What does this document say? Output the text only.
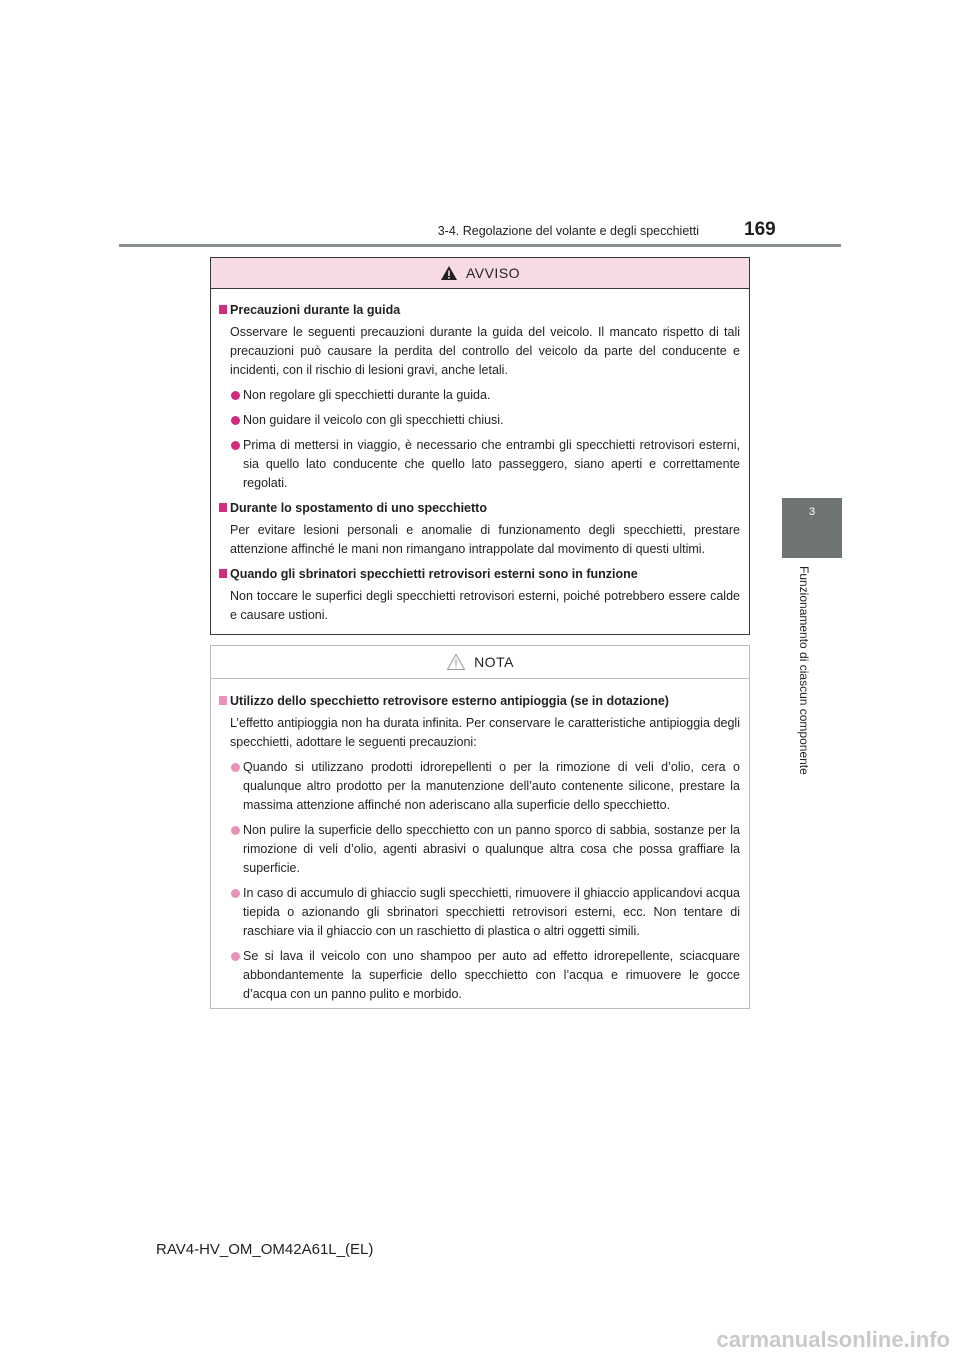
3-4. Regolazione del volante e degli specchietti 169
3
Funzionamento di ciascun componente
AVVISO
Precauzioni durante la guida
Osservare le seguenti precauzioni durante la guida del veicolo. Il mancato rispetto di tali precauzioni può causare la perdita del controllo del veicolo da parte del conducente e incidenti, con il rischio di lesioni gravi, anche letali.
Non regolare gli specchietti durante la guida.
Non guidare il veicolo con gli specchietti chiusi.
Prima di mettersi in viaggio, è necessario che entrambi gli specchietti retrovisori esterni, sia quello lato conducente che quello lato passeggero, siano aperti e correttamente regolati.
Durante lo spostamento di uno specchietto
Per evitare lesioni personali e anomalie di funzionamento degli specchietti, prestare attenzione affinché le mani non rimangano intrappolate dal movimento di questi ultimi.
Quando gli sbrinatori specchietti retrovisori esterni sono in funzione
Non toccare le superfici degli specchietti retrovisori esterni, poiché potrebbero essere calde e causare ustioni.
NOTA
Utilizzo dello specchietto retrovisore esterno antipioggia (se in dotazione)
L’effetto antipioggia non ha durata infinita. Per conservare le caratteristiche antipioggia degli specchietti, adottare le seguenti precauzioni:
Quando si utilizzano prodotti idrorepellenti o per la rimozione di veli d’olio, cera o qualunque altro prodotto per la manutenzione dell’auto contenente silicone, prestare la massima attenzione affinché non aderiscano alla superficie dello specchietto.
Non pulire la superficie dello specchietto con un panno sporco di sabbia, sostanze per la rimozione di veli d’olio, agenti abrasivi o qualunque altra cosa che possa graffiare la superficie.
In caso di accumulo di ghiaccio sugli specchietti, rimuovere il ghiaccio applicandovi acqua tiepida o azionando gli sbrinatori specchietti retrovisori esterni, ecc. Non tentare di raschiare via il ghiaccio con un raschietto di plastica o altri oggetti simili.
Se si lava il veicolo con uno shampoo per auto ad effetto idrorepellente, sciacquare abbondantemente la superficie dello specchietto con l’acqua e rimuovere le gocce d’acqua con un panno pulito e morbido.
RAV4-HV_OM_OM42A61L_(EL)
carmanualsonline.info
